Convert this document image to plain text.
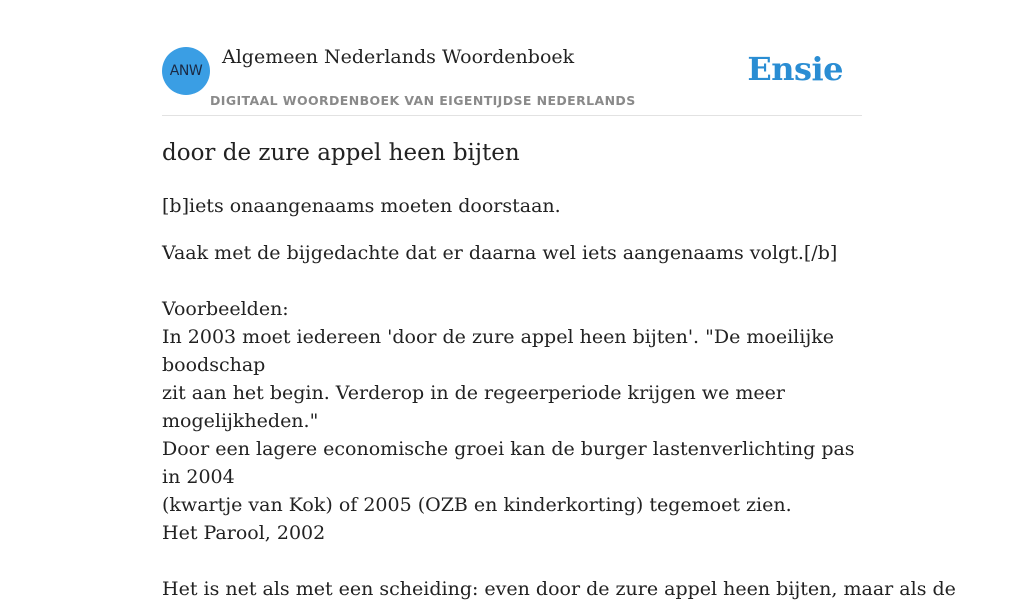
ANW
Algemeen Nederlands Woordenboek
DIGITAAL WOORDENBOEK VAN EIGENTIJDSE NEDERLANDS
Ensie
door de zure appel heen bijten

[b]iets onaangenaams moeten doorstaan.

Vaak met de bijgedachte dat er daarna wel iets aangenaams volgt.[/b]

Voorbeelden:

In 2003 moet iedereen 'door de zure appel heen bijten'. "De moeilijke boodschap

zit aan het begin. Verderop in de regeerperiode krijgen we meer mogelijkheden."

Door een lagere economische groei kan de burger lastenverlichting pas in 2004

(kwartje van Kok) of 2005 (OZB en kinderkorting) tegemoet zien.

Het Parool, 2002

Het is net als met een scheiding: even door de zure appel heen bijten, maar als de
